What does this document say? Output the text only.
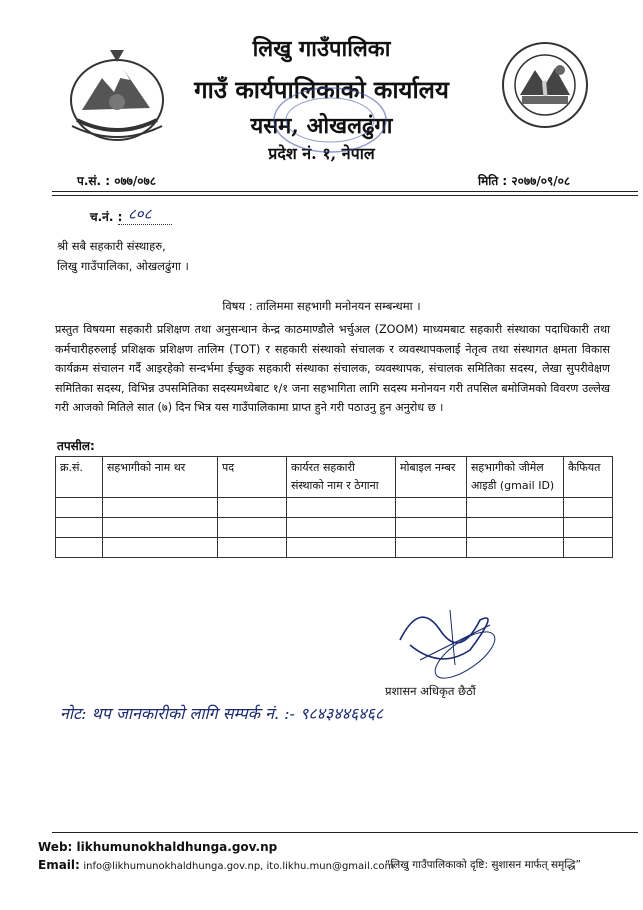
लिखु गाउँपालिका
गाउँ कार्यपालिकाको कार्यालय
यसम, ओखलढुंगा
प्रदेश नं. १, नेपाल
प.सं. : ०७७/०७८	मिति : २०७७/०९/०८
च.नं. : ८०८
श्री सबै सहकारी संस्थाहरु,
लिखु गाउँपालिका, ओखलढुंगा ।
विषय : तालिममा सहभागी मनोनयन सम्बन्धमा ।
प्रस्तुत विषयमा सहकारी प्रशिक्षण तथा अनुसन्धान केन्द्र काठमाण्डौले भर्चुअल (ZOOM) माध्यमबाट सहकारी संस्थाका पदाधिकारी तथा कर्मचारीहरुलाई प्रशिक्षक प्रशिक्षण तालिम (TOT) र सहकारी संस्थाको संचालक र व्यवस्थापकलाई नेतृत्व तथा संस्थागत क्षमता विकास कार्यक्रम संचालन गर्दै आइरहेको सन्दर्भमा ईच्छुक सहकारी संस्थाका संचालक, व्यवस्थापक, संचालक समितिका सदस्य, लेखा सुपरीवेक्षण समितिका सदस्य, विभिन्न उपसमितिका सदस्यमध्येबाट १/१ जना सहभागिता लागि सदस्य मनोनयन गरी तपसिल बमोजिमको विवरण उल्लेख गरी आजको मितिले सात (७) दिन भित्र यस गाउँपालिकामा प्राप्त हुने गरी पठाउनु हुन अनुरोध छ ।
तपसील:
क्र.सं.	सहभागीको नाम थर	पद	कार्यरत सहकारी संस्थाको नाम र ठेगाना	मोबाइल नम्बर	सहभागीको जीमेल आइडी (gmail ID)	कैफियत

प्रशासन अधिकृत छैठौं
नोट: थप जानकारीको लागि सम्पर्क नं. :- ९८४३४४६४६८
Web: likhumunokhaldhunga.gov.np
Email: info@likhumunokhaldhunga.gov.np, ito.likhu.mun@gmail.com
“लिखु गाउँपालिकाको दृष्टि: सुशासन मार्फत् समृद्धि”
